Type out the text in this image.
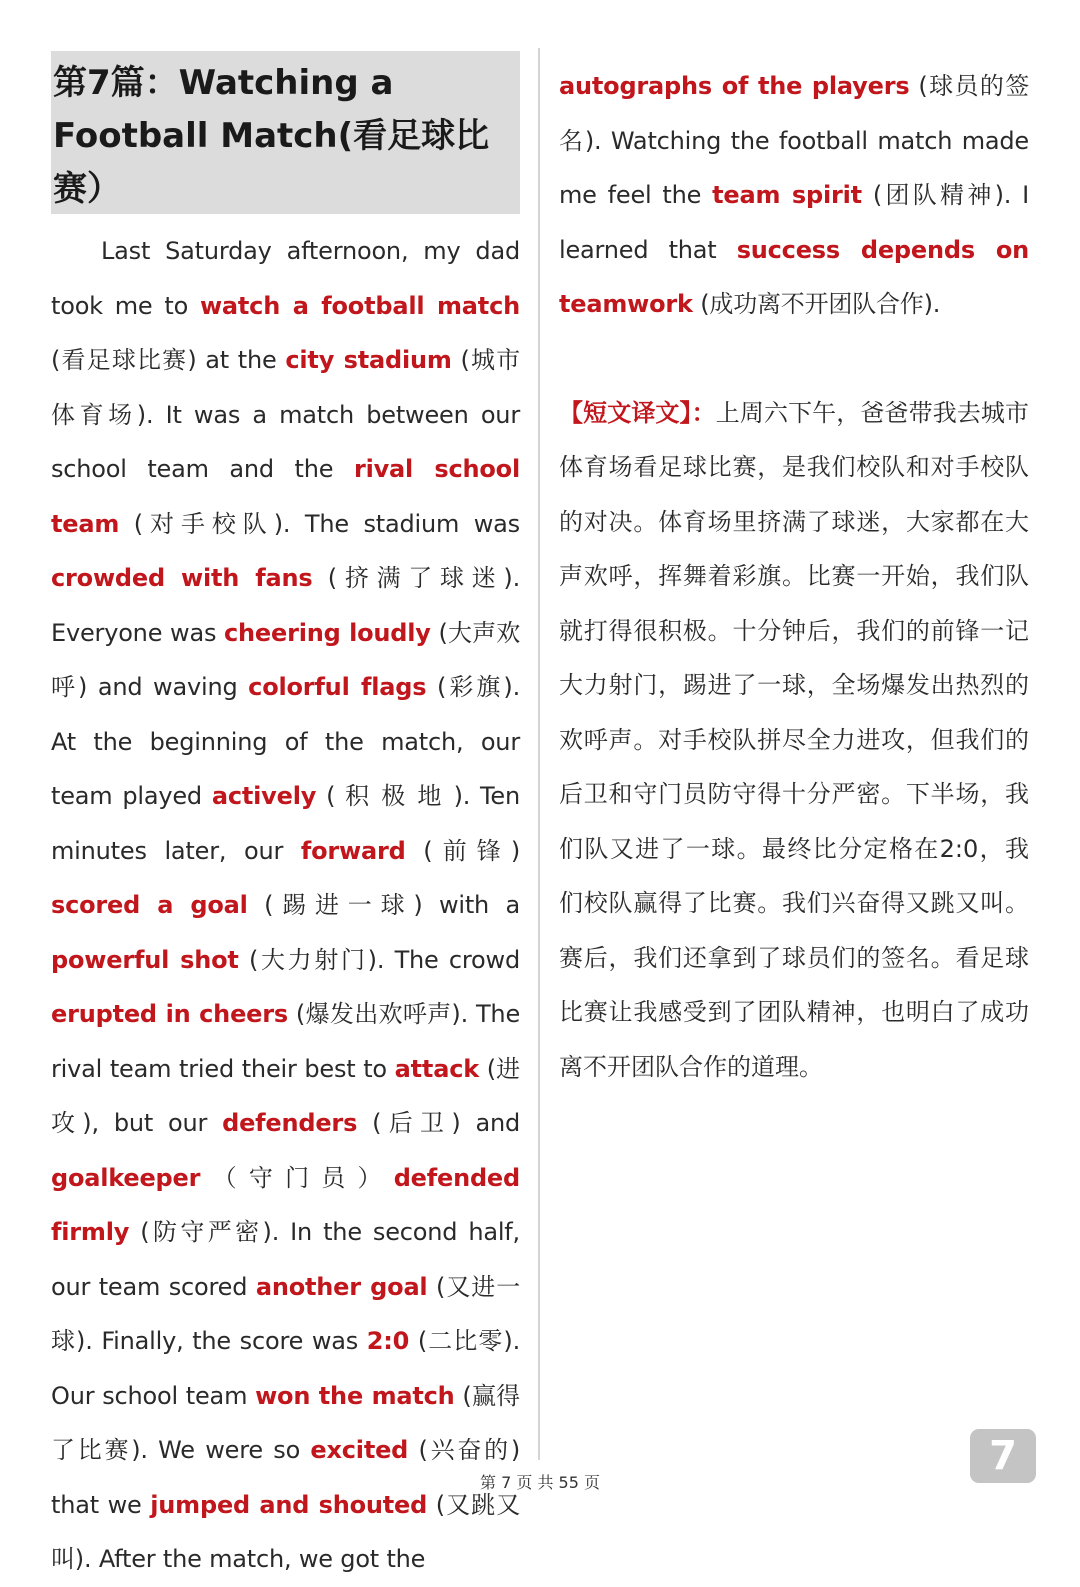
第7篇：Watching a Football Match(看足球比赛）
Last Saturday afternoon, my dad took me to watch a football match (看足球比赛) at the city stadium (城市体育场). It was a match between our school team and the rival school team (对手校队). The stadium was crowded with fans (挤满了球迷). Everyone was cheering loudly (大声欢呼) and waving colorful flags (彩旗). At the beginning of the match, our team played actively ( 积 极 地 ). Ten minutes later, our forward (前锋) scored a goal (踢进一球) with a powerful shot (大力射门). The crowd erupted in cheers (爆发出欢呼声). The rival team tried their best to attack (进攻), but our defenders (后卫) and goalkeeper（守门员）defended firmly (防守严密). In the second half, our team scored another goal (又进一球). Finally, the score was 2:0 (二比零). Our school team won the match (赢得了比赛). We were so excited (兴奋的) that we jumped and shouted (又跳又叫). After the match, we got the
autographs of the players (球员的签名). Watching the football match made me feel the team spirit (团队精神). I learned that success depends on teamwork (成功离不开团队合作).
【短文译文】：上周六下午，爸爸带我去城市体育场看足球比赛，是我们校队和对手校队的对决。体育场里挤满了球迷，大家都在大声欢呼，挥舞着彩旗。比赛一开始，我们队就打得很积极。十分钟后，我们的前锋一记大力射门，踢进了一球，全场爆发出热烈的欢呼声。对手校队拼尽全力进攻，但我们的后卫和守门员防守得十分严密。下半场，我们队又进了一球。最终比分定格在2:0，我们校队赢得了比赛。我们兴奋得又跳又叫。赛后，我们还拿到了球员们的签名。看足球比赛让我感受到了团队精神，也明白了成功离不开团队合作的道理。
第 7 页 共 55 页
7
